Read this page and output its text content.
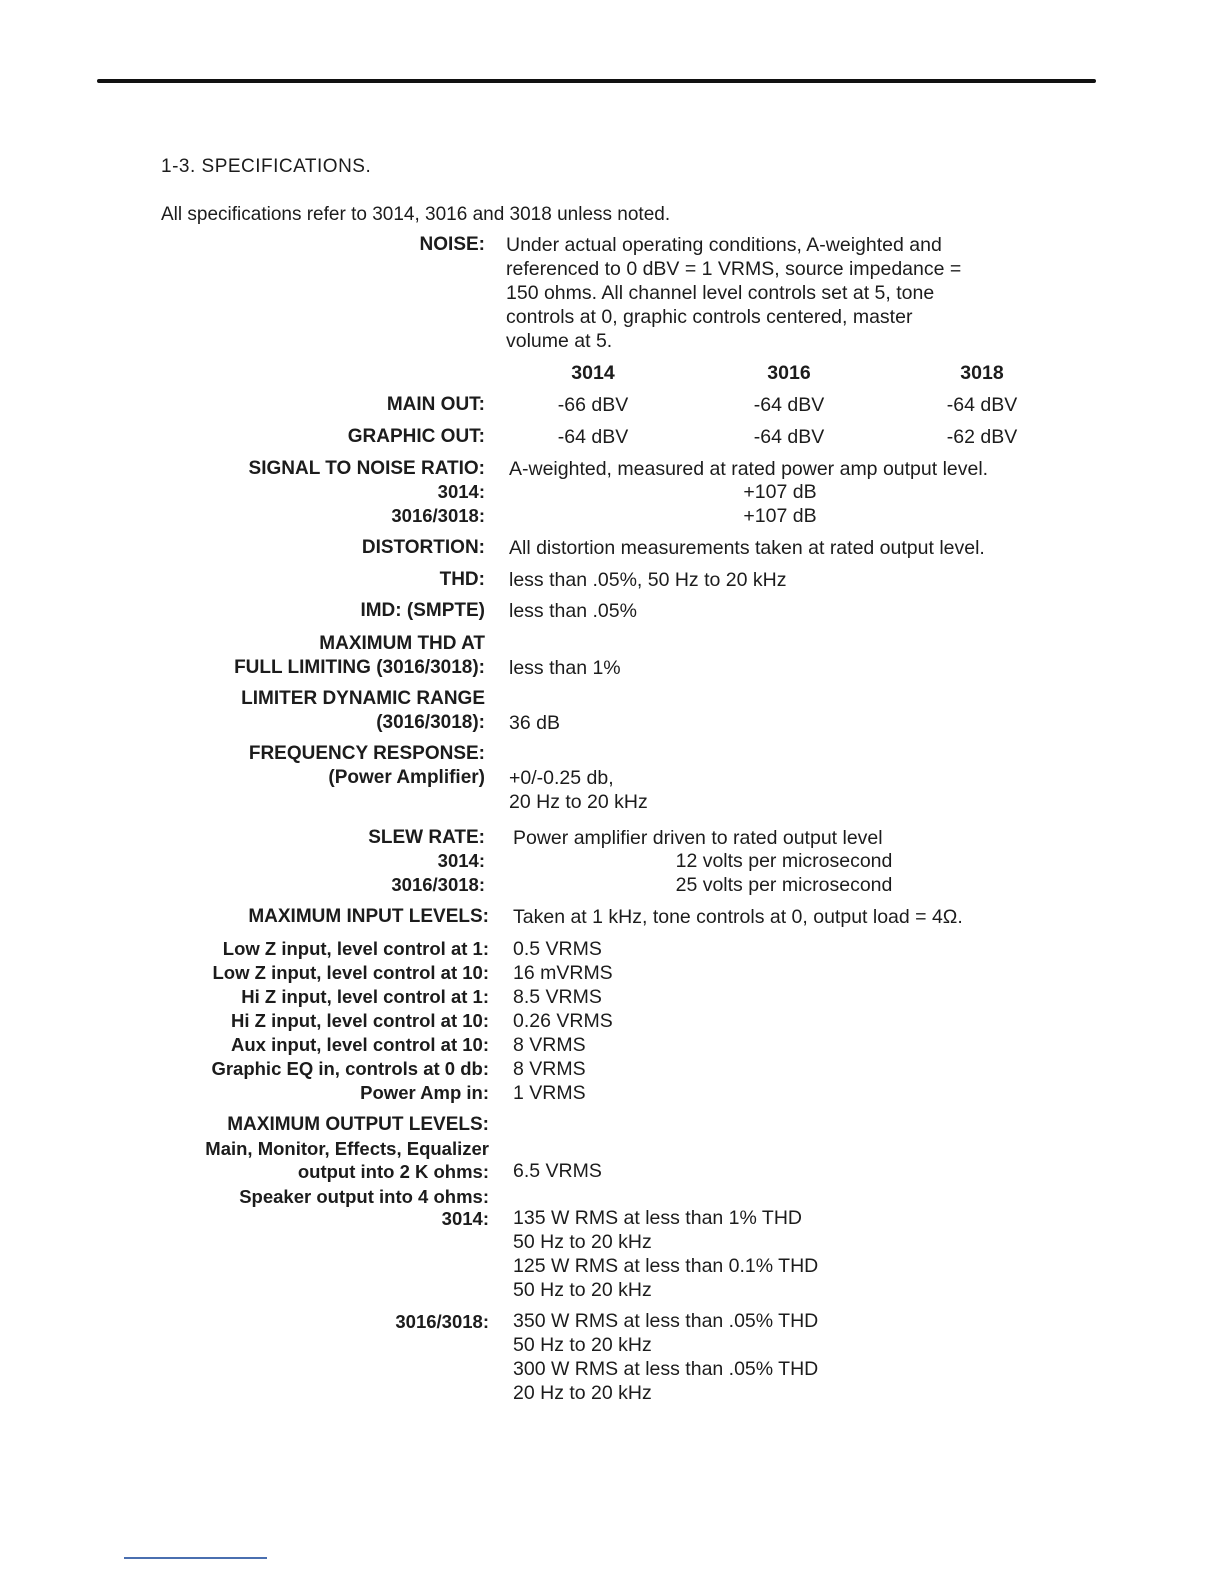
1-3. SPECIFICATIONS.
All specifications refer to 3014, 3016 and 3018 unless noted.
NOISE: Under actual operating conditions, A-weighted and
referenced to 0 dBV = 1 VRMS, source impedance =
150 ohms. All channel level controls set at 5, tone
controls at 0, graphic controls centered, master
volume at 5.
3014	3016	3018
MAIN OUT:	-66 dBV	-64 dBV	-64 dBV
GRAPHIC OUT:	-64 dBV	-64 dBV	-62 dBV
SIGNAL TO NOISE RATIO: A-weighted, measured at rated power amp output level.
3014:	+107 dB
3016/3018:	+107 dB
DISTORTION: All distortion measurements taken at rated output level.
THD: less than .05%, 50 Hz to 20 kHz
IMD: (SMPTE) less than .05%
MAXIMUM THD AT
FULL LIMITING (3016/3018): less than 1%
LIMITER DYNAMIC RANGE
(3016/3018): 36 dB
FREQUENCY RESPONSE:
(Power Amplifier) +0/-0.25 db,
20 Hz to 20 kHz
SLEW RATE: Power amplifier driven to rated output level
3014:	12 volts per microsecond
3016/3018:	25 volts per microsecond
MAXIMUM INPUT LEVELS: Taken at 1 kHz, tone controls at 0, output load = 4Ω.
Low Z input, level control at 1: 0.5 VRMS
Low Z input, level control at 10: 16 mVRMS
Hi Z input, level control at 1: 8.5 VRMS
Hi Z input, level control at 10: 0.26 VRMS
Aux input, level control at 10: 8 VRMS
Graphic EQ in, controls at 0 db: 8 VRMS
Power Amp in: 1 VRMS
MAXIMUM OUTPUT LEVELS:
Main, Monitor, Effects, Equalizer
output into 2 K ohms: 6.5 VRMS
Speaker output into 4 ohms:
3014: 135 W RMS at less than 1% THD
50 Hz to 20 kHz
125 W RMS at less than 0.1% THD
50 Hz to 20 kHz
3016/3018: 350 W RMS at less than .05% THD
50 Hz to 20 kHz
300 W RMS at less than .05% THD
20 Hz to 20 kHz
